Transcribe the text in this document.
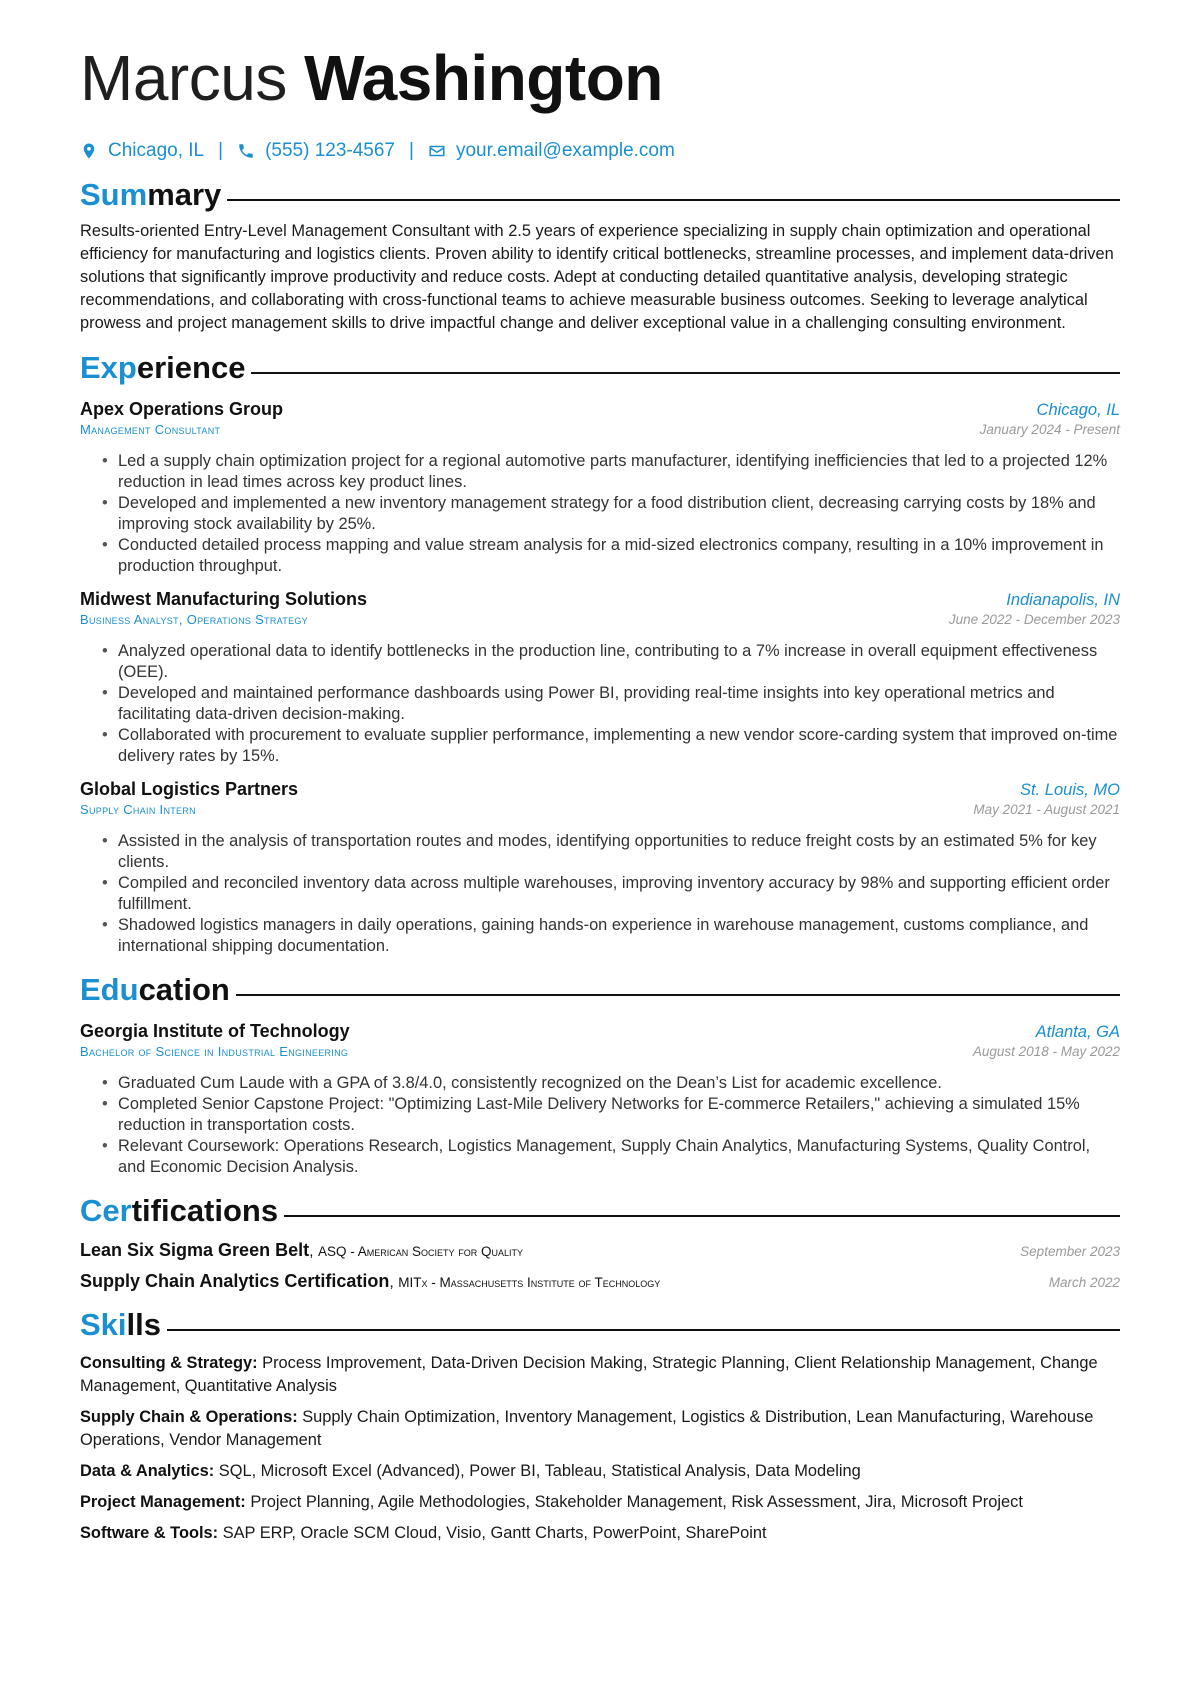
Marcus Washington
Chicago, IL | (555) 123-4567 | your.email@example.com
Summary

Results-oriented Entry-Level Management Consultant with 2.5 years of experience specializing in supply chain optimization and operational efficiency for manufacturing and logistics clients. Proven ability to identify critical bottlenecks, streamline processes, and implement data-driven solutions that significantly improve productivity and reduce costs. Adept at conducting detailed quantitative analysis, developing strategic recommendations, and collaborating with cross-functional teams to achieve measurable business outcomes. Seeking to leverage analytical prowess and project management skills to drive impactful change and deliver exceptional value in a challenging consulting environment.

Experience
Apex Operations Group	Chicago, IL
Management Consultant	January 2024 - Present
• Led a supply chain optimization project for a regional automotive parts manufacturer, identifying inefficiencies that led to a projected 12% reduction in lead times across key product lines.
• Developed and implemented a new inventory management strategy for a food distribution client, decreasing carrying costs by 18% and improving stock availability by 25%.
• Conducted detailed process mapping and value stream analysis for a mid-sized electronics company, resulting in a 10% improvement in production throughput.
Midwest Manufacturing Solutions	Indianapolis, IN
Business Analyst, Operations Strategy	June 2022 - December 2023
• Analyzed operational data to identify bottlenecks in the production line, contributing to a 7% increase in overall equipment effectiveness (OEE).
• Developed and maintained performance dashboards using Power BI, providing real-time insights into key operational metrics and facilitating data-driven decision-making.
• Collaborated with procurement to evaluate supplier performance, implementing a new vendor score-carding system that improved on-time delivery rates by 15%.
Global Logistics Partners	St. Louis, MO
Supply Chain Intern	May 2021 - August 2021
• Assisted in the analysis of transportation routes and modes, identifying opportunities to reduce freight costs by an estimated 5% for key clients.
• Compiled and reconciled inventory data across multiple warehouses, improving inventory accuracy by 98% and supporting efficient order fulfillment.
• Shadowed logistics managers in daily operations, gaining hands-on experience in warehouse management, customs compliance, and international shipping documentation.
Education
Georgia Institute of Technology	Atlanta, GA
Bachelor of Science in Industrial Engineering	August 2018 - May 2022
• Graduated Cum Laude with a GPA of 3.8/4.0, consistently recognized on the Dean’s List for academic excellence.
• Completed Senior Capstone Project: "Optimizing Last-Mile Delivery Networks for E-commerce Retailers," achieving a simulated 15% reduction in transportation costs.
• Relevant Coursework: Operations Research, Logistics Management, Supply Chain Analytics, Manufacturing Systems, Quality Control, and Economic Decision Analysis.
Certifications
Lean Six Sigma Green Belt, ASQ - American Society for Quality	September 2023
Supply Chain Analytics Certification, MITx - Massachusetts Institute of Technology	March 2022
Skills
Consulting & Strategy: Process Improvement, Data-Driven Decision Making, Strategic Planning, Client Relationship Management, Change Management, Quantitative Analysis
Supply Chain & Operations: Supply Chain Optimization, Inventory Management, Logistics & Distribution, Lean Manufacturing, Warehouse Operations, Vendor Management
Data & Analytics: SQL, Microsoft Excel (Advanced), Power BI, Tableau, Statistical Analysis, Data Modeling
Project Management: Project Planning, Agile Methodologies, Stakeholder Management, Risk Assessment, Jira, Microsoft Project
Software & Tools: SAP ERP, Oracle SCM Cloud, Visio, Gantt Charts, PowerPoint, SharePoint
